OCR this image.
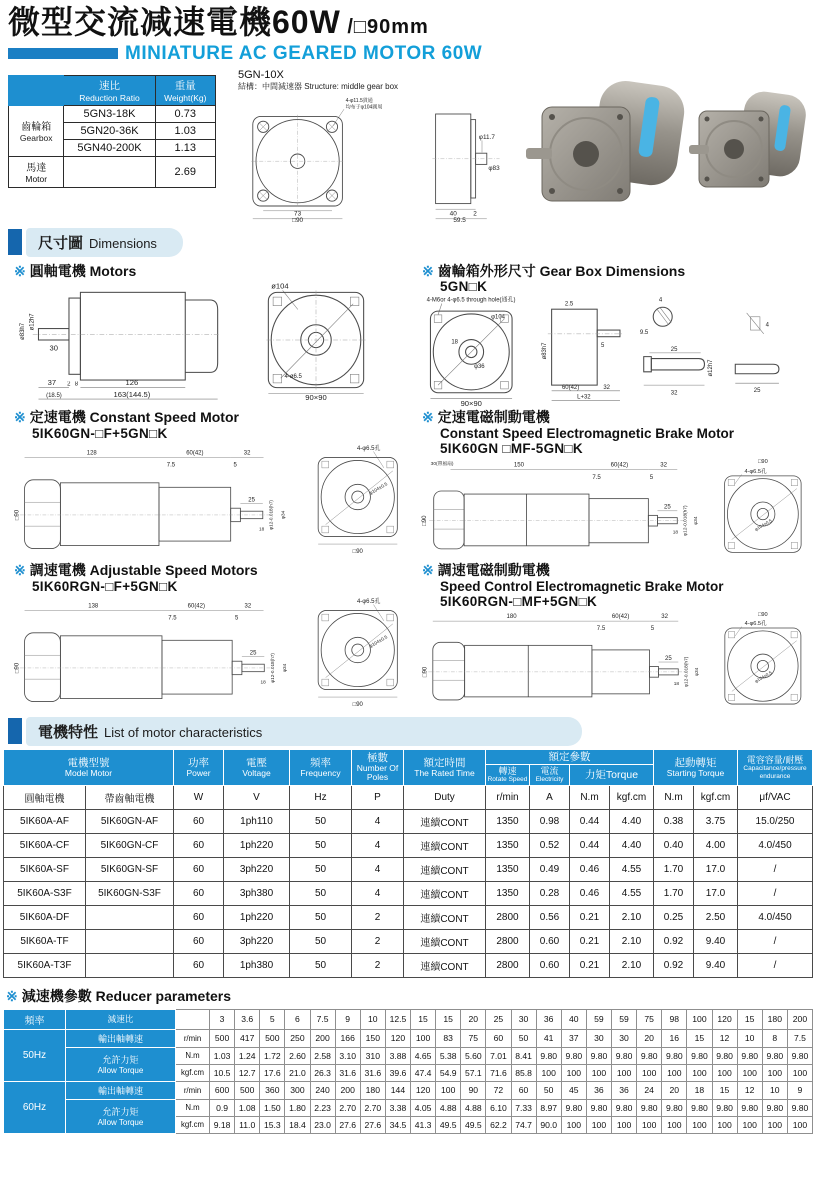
微型交流减速電機60W /□90mm
MINIATURE AC GEARED MOTOR 60W
	速比
Reduction Ratio	重量
Weight(Kg)

齒輪箱
Gearbox	5GN3-18K	0.73
	5GN20-36K	1.03
	5GN40-200K	1.13
馬達 Motor		2.69
5GN-10X
結構：中間減速器 Structure: middle gear box
4-φ11.5貫通
均布于φ104圓周
73
□90
φ11.7
φ83
40 2
59.5
尺寸圖 Dimensions
※ 圓軸電機 Motors
ø83h7
ø12h7
30
2 8
37	126
(18.5)	163(144.5)
ø104
4-ø6.5
90×90
※ 齒輪箱外形尺寸 Gear Box Dimensions
5GN□K
4-M6or 4-φ6.5 through hole(通孔)
φ104
18
φ36
90×90
2.5
ø83h7	5
60(42)	32
L+32
4
9.5
25
ø12h7
32
4
25
※ 定速電機 Constant Speed Motor
5IK60GN-□F+5GN□K
128
7.5
60(42)	32
5
25 φ12-0.018(h7) φ34
18
□90
4-φ6.5孔
φ104±0.5
□90
※ 定速電磁制動電機
Constant Speed Electromagnetic Brake Motor
5IK60GN □MF-5GN□K
30(帶風扇)	150
7.5
60(42)
5
32
25 φ12-0.018(h7) φ34
18
□90
□90
4-φ6.5孔
φ104±0.5
※ 調速電機 Adjustable Speed Motors
5IK60RGN-□F+5GN□K
138
7.5
60(42)	32
5
25 φ12-0.018(h7) φ34
18
□90
4-φ6.5孔
φ104±0.5
□90
※ 調速電磁制動電機
Speed Control Electromagnetic Brake Motor
5IK60RGN-□MF+5GN□K
180
7.5
60(42)	32
5
25 φ12-0.018(h7) φ34
18
□90
□90
4-φ6.5孔
φ104±0.5
電機特性 List of motor characteristics
電機型號
Model Motor		功率
Power	電壓
Voltage	頻率
Frequency	極數
Number Of Poles	額定時間
The Rated Time	額定參數				起動轉矩
Starting Torque		電容容量/耐壓
Capacitance/pressure endurance

							轉速
Rotate Speed	電流
Electricity	力矩Torque				

圓軸電機	帶齒軸電機	W	V	Hz	P	Duty	r/min	A	N.m	kgf.cm	N.m	kgf.cm	μf/VAC
5IK60A-AF	5IK60GN-AF	60	1ph110	50	4	連續CONT	1350	0.98	0.44	4.40	0.38	3.75	15.0/250
5IK60A-CF	5IK60GN-CF	60	1ph220	50	4	連續CONT	1350	0.52	0.44	4.40	0.40	4.00	4.0/450
5IK60A-SF	5IK60GN-SF	60	3ph220	50	4	連續CONT	1350	0.49	0.46	4.55	1.70	17.0	/
5IK60A-S3F	5IK60GN-S3F	60	3ph380	50	4	連續CONT	1350	0.28	0.46	4.55	1.70	17.0	/
5IK60A-DF		60	1ph220	50	2	連續CONT	2800	0.56	0.21	2.10	0.25	2.50	4.0/450
5IK60A-TF		60	3ph220	50	2	連續CONT	2800	0.60	0.21	2.10	0.92	9.40	/
5IK60A-T3F		60	1ph380	50	2	連續CONT	2800	0.60	0.21	2.10	0.92	9.40	/
※ 減速機參數 Reducer parameters
頻率	減速比		3	3.6	5	6	7.5	9	10	12.5	15	15	20	25	30	36	40	59	59	75	98	100	120	15	180	200
50Hz	輸出軸轉速	r/min	500	417	500	250	200	166	150	120	100	83	75	60	50	41	37	30	30	20	16	15	12	10	8	7.5

	允許力矩
Allow Torque	N.m	1.03	1.24	1.72	2.60	2.58	3.10	310	3.88	4.65	5.38	5.60	7.01	8.41	9.80	9.80	9.80	9.80	9.80	9.80	9.80	9.80	9.80	9.80	9.80
		kgf.cm	10.5	12.7	17.6	21.0	26.3	31.6	31.6	39.6	47.4	54.9	57.1	71.6	85.8	100	100	100	100	100	100	100	100	100	100	100
60Hz	輸出軸轉速	r/min	600	500	360	300	240	200	180	144	120	100	90	72	60	50	45	36	36	24	20	18	15	12	10	9

	允許力矩
Allow Torque	N.m	0.9	1.08	1.50	1.80	2.23	2.70	2.70	3.38	4.05	4.88	4.88	6.10	7.33	8.97	9.80	9.80	9.80	9.80	9.80	9.80	9.80	9.80	9.80	9.80
		kgf.cm	9.18	11.0	15.3	18.4	23.0	27.6	27.6	34.5	41.3	49.5	49.5	62.2	74.7	90.0	100	100	100	100	100	100	100	100	100	100
